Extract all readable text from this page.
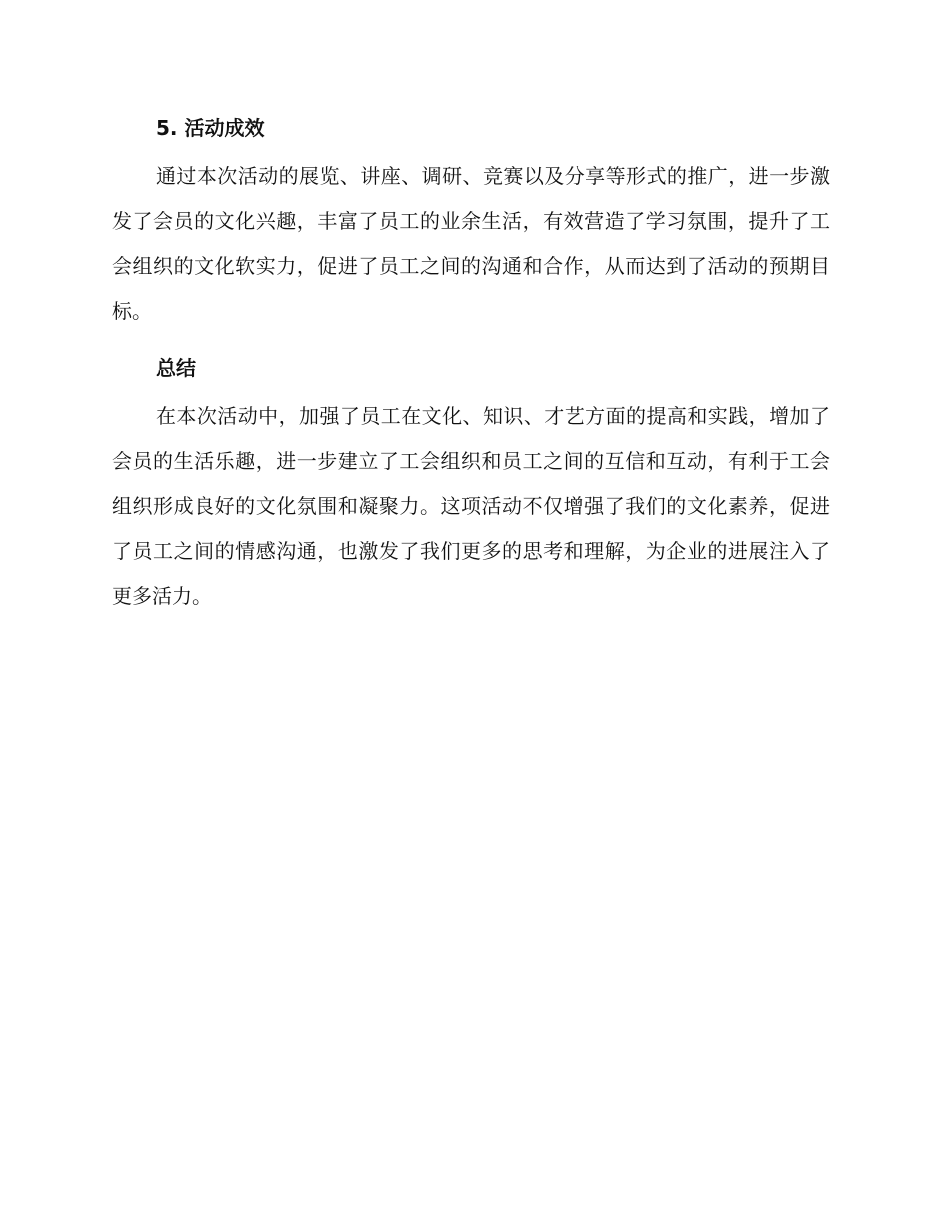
5. 活动成效

通过本次活动的展览、讲座、调研、竞赛以及分享等形式的推广，进一步激发了会员的文化兴趣，丰富了员工的业余生活，有效营造了学习氛围，提升了工会组织的文化软实力，促进了员工之间的沟通和合作，从而达到了活动的预期目标。

总结

在本次活动中，加强了员工在文化、知识、才艺方面的提高和实践，增加了会员的生活乐趣，进一步建立了工会组织和员工之间的互信和互动，有利于工会组织形成良好的文化氛围和凝聚力。这项活动不仅增强了我们的文化素养，促进了员工之间的情感沟通，也激发了我们更多的思考和理解，为企业的进展注入了更多活力。
